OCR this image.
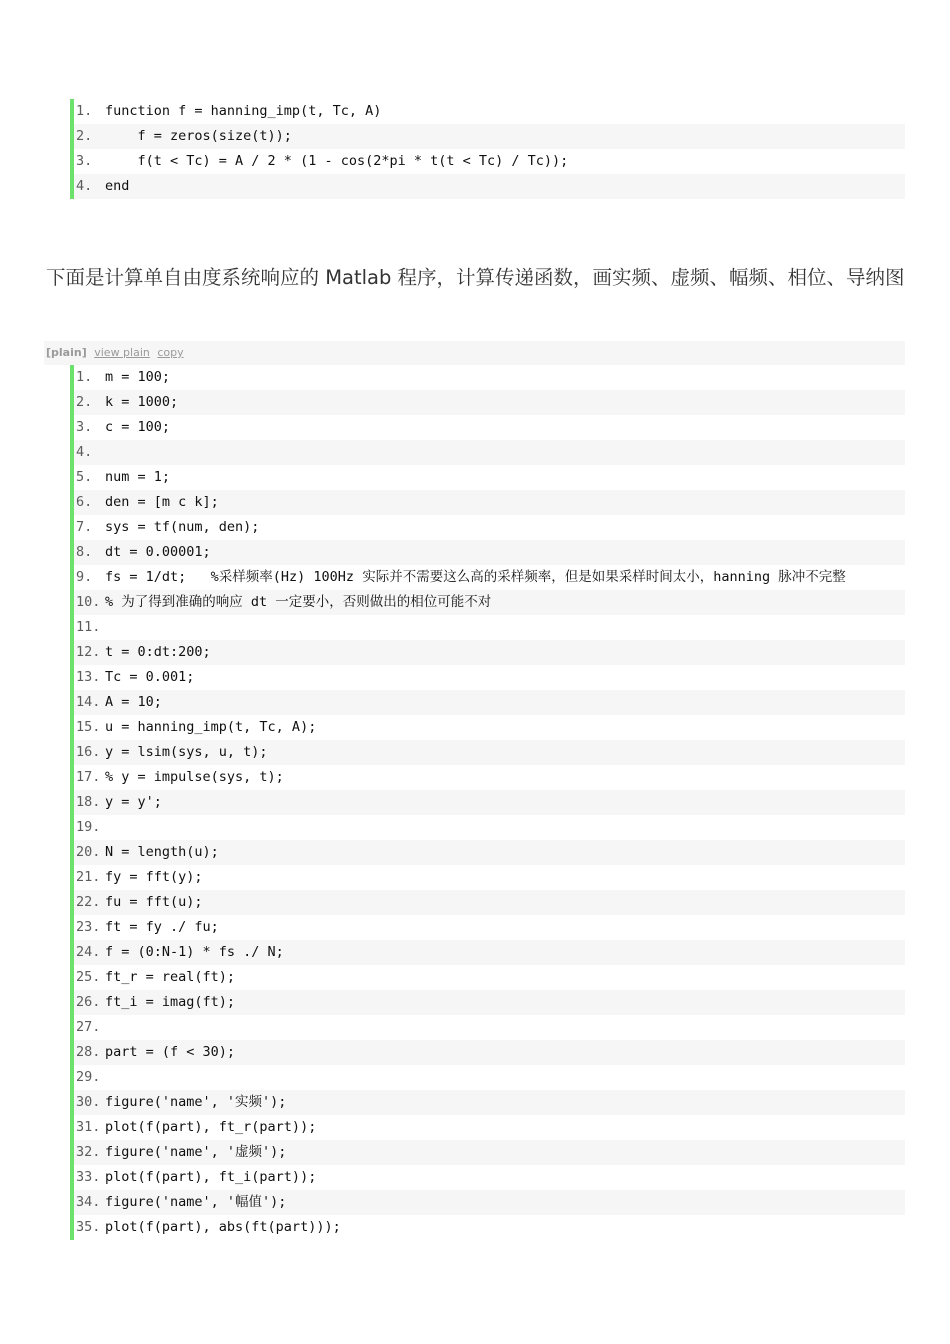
1. function f = hanning_imp(t, Tc, A)
2. f = zeros(size(t));
3. f(t < Tc) = A / 2 * (1 - cos(2*pi * t(t < Tc) / Tc));
4. end

下面是计算单自由度系统响应的 Matlab 程序，计算传递函数，画实频、虚频、幅频、相位、导纳图

[plain] view plain copy
1. m = 100;
2. k = 1000;
3. c = 100;
4.
5. num = 1;
6. den = [m c k];
7. sys = tf(num, den);
8. dt = 0.00001;
9. fs = 1/dt;   %采样频率(Hz) 100Hz 实际并不需要这么高的采样频率，但是如果采样时间太小，hanning 脉冲不完整
10. % 为了得到准确的响应 dt 一定要小，否则做出的相位可能不对
11.
12. t = 0:dt:200;
13. Tc = 0.001;
14. A = 10;
15. u = hanning_imp(t, Tc, A);
16. y = lsim(sys, u, t);
17. % y = impulse(sys, t);
18. y = y';
19.
20. N = length(u);
21. fy = fft(y);
22. fu = fft(u);
23. ft = fy ./ fu;
24. f = (0:N-1) * fs ./ N;
25. ft_r = real(ft);
26. ft_i = imag(ft);
27.
28. part = (f < 30);
29.
30. figure('name', '实频');
31. plot(f(part), ft_r(part));
32. figure('name', '虚频');
33. plot(f(part), ft_i(part));
34. figure('name', '幅值');
35. plot(f(part), abs(ft(part)));
